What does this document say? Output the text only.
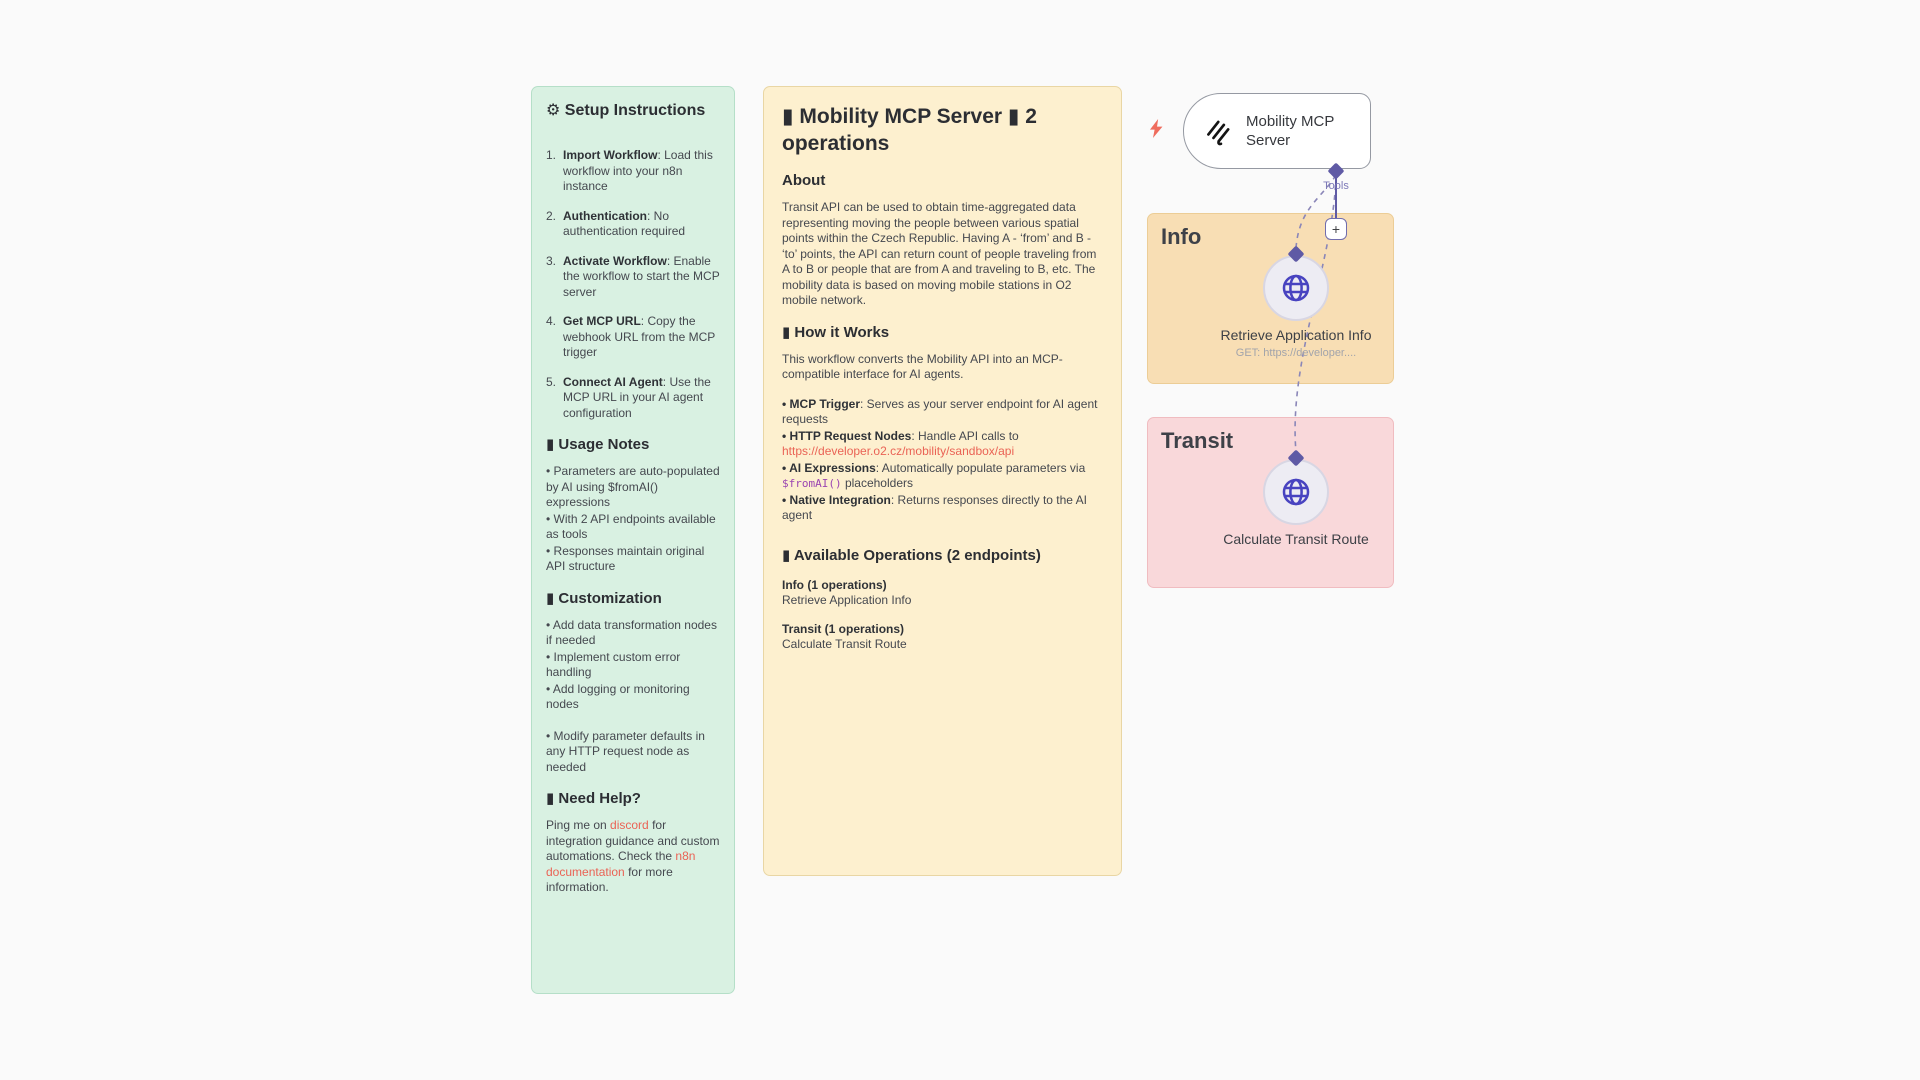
⚙ Setup Instructions
1. Import Workflow: Load this workflow into your n8n instance
2. Authentication: No authentication required
3. Activate Workflow: Enable the workflow to start the MCP server
4. Get MCP URL: Copy the webhook URL from the MCP trigger
5. Connect AI Agent: Use the MCP URL in your AI agent configuration
▮ Usage Notes

• Parameters are auto-populated by AI using $fromAI() expressions

• With 2 API endpoints available as tools

• Responses maintain original API structure

▮ Customization

• Add data transformation nodes if needed

• Implement custom error handling

• Add logging or monitoring nodes

• Modify parameter defaults in any HTTP request node as needed

▮ Need Help?

Ping me on discord for integration guidance and custom automations. Check the n8n documentation for more information.

▮ Mobility MCP Server ▮ 2 operations
About

Transit API can be used to obtain time-aggregated data representing moving the people between various spatial points within the Czech Republic. Having A - ‘from’ and B - ‘to’ points, the API can return count of people traveling from A to B or people that are from A and traveling to B, etc. The mobility data is based on moving mobile stations in O2 mobile network.

▮ How it Works

This workflow converts the Mobility API into an MCP-compatible interface for AI agents.

• MCP Trigger: Serves as your server endpoint for AI agent requests

• HTTP Request Nodes: Handle API calls to https://developer.o2.cz/mobility/sandbox/api

• AI Expressions: Automatically populate parameters via $fromAI() placeholders

• Native Integration: Returns responses directly to the AI agent

▮ Available Operations (2 endpoints)
Info (1 operations)
Retrieve Application Info
Transit (1 operations)
Calculate Transit Route
Info
Transit
Mobility MCP Server
Tools
+
Retrieve Application Info
GET: https://developer....
Calculate Transit Route
